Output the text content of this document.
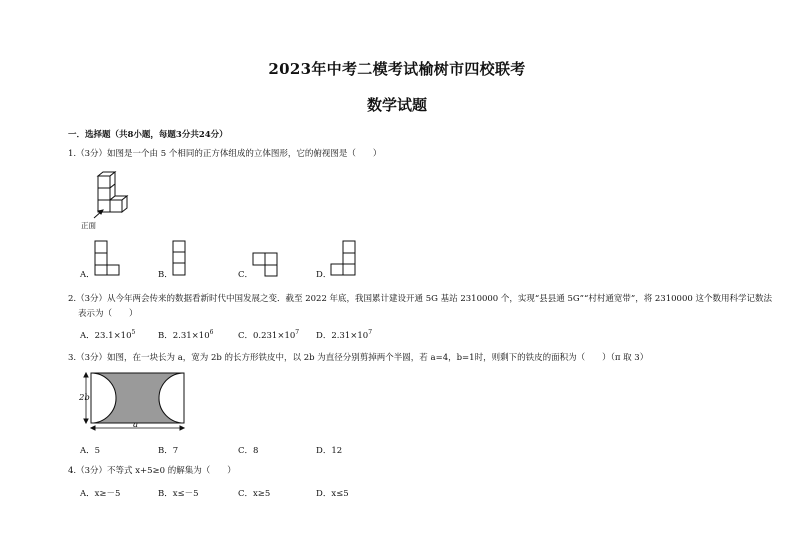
2023年中考二模考试榆树市四校联考
数学试题
一．选择题（共8小题，每题3分共24分）
1.（3分）如图是一个由 5 个相同的正方体组成的立体图形，它的俯视图是（　　）
正面
A．	B．	C．	D．
2.（3分）从今年两会传来的数据看新时代中国发展之变．截至 2022 年底，我国累计建设开通 5G 基站 2310000 个，实现“县县通 5G”“村村通宽带”，将 2310000 这个数用科学记数法
表示为（　　）
A．$23.1\times 10^5$	B．$2.31\times 10^6$	C．$0.231\times 10^7$ D．$2.31\times 10^7$
3.（3分）如图，在一块长为 a，宽为 2b 的长方形铁皮中，以 2b 为直径分别剪掉两个半圆，若 a=4，b=1时，则剩下的铁皮的面积为（　　）（π 取 3）
2b
a
A．5	B．7	C．8	D．12
4.（3分）不等式 x+5≥0 的解集为（　　）
A．x≥－5	B．x≤－5	C．x≥5	D．x≤5
